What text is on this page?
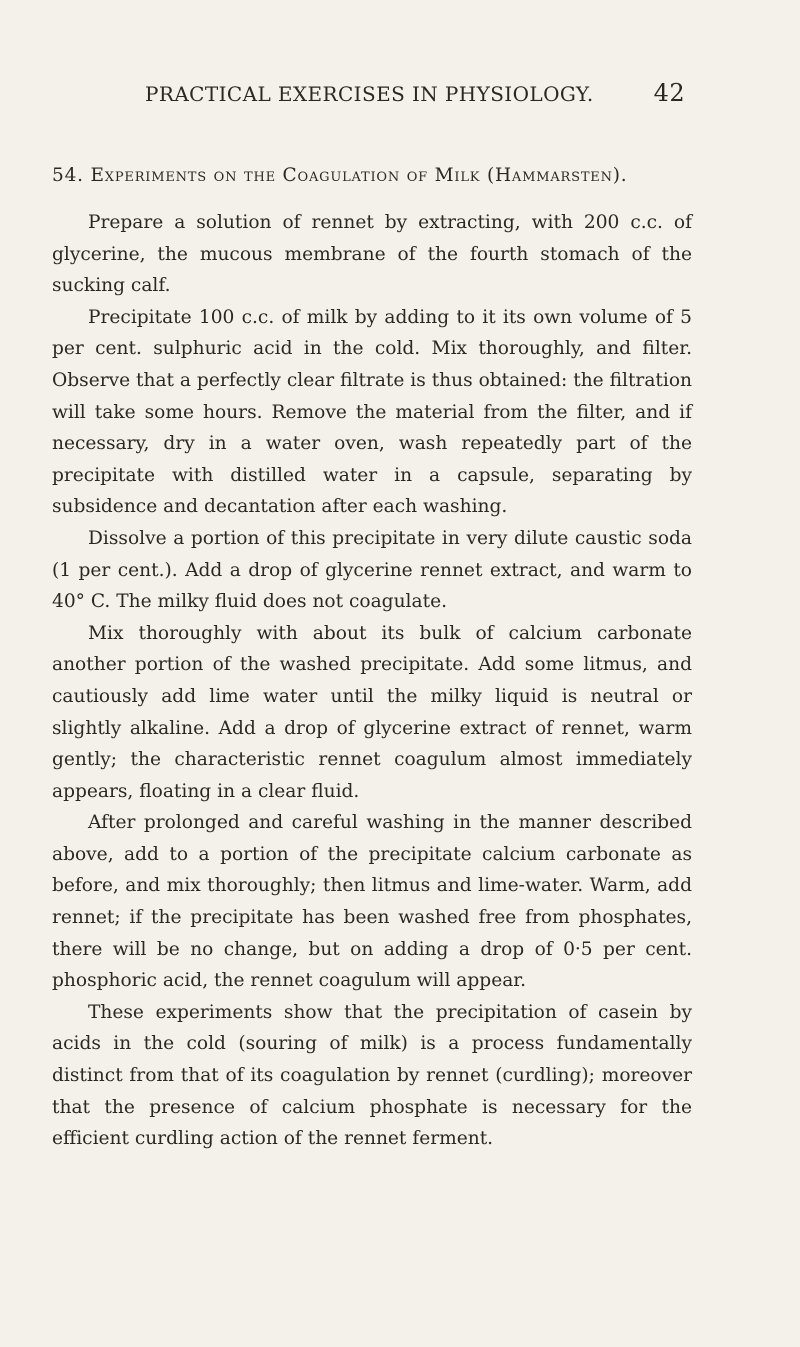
PRACTICAL EXERCISES IN PHYSIOLOGY. 42
54. Experiments on the Coagulation of Milk (Hammarsten).

Prepare a solution of rennet by extracting, with 200 c.c. of glycerine, the mucous membrane of the fourth stomach of the sucking calf.

Precipitate 100 c.c. of milk by adding to it its own volume of 5 per cent. sulphuric acid in the cold. Mix thoroughly, and filter. Observe that a perfectly clear filtrate is thus obtained: the filtration will take some hours. Remove the material from the filter, and if necessary, dry in a water oven, wash repeatedly part of the precipitate with distilled water in a capsule, separating by subsidence and decantation after each washing.

Dissolve a portion of this precipitate in very dilute caustic soda (1 per cent.). Add a drop of glycerine rennet extract, and warm to 40° C. The milky fluid does not coagulate.

Mix thoroughly with about its bulk of calcium carbonate another portion of the washed precipitate. Add some litmus, and cautiously add lime water until the milky liquid is neutral or slightly alkaline. Add a drop of glycerine extract of rennet, warm gently; the characteristic rennet coagulum almost immediately appears, floating in a clear fluid.

After prolonged and careful washing in the manner described above, add to a portion of the precipitate calcium carbonate as before, and mix thoroughly; then litmus and lime-water. Warm, add rennet; if the precipitate has been washed free from phosphates, there will be no change, but on adding a drop of 0·5 per cent. phosphoric acid, the rennet coagulum will appear.

These experiments show that the precipitation of casein by acids in the cold (souring of milk) is a process fundamentally distinct from that of its coagulation by rennet (curdling); moreover that the presence of calcium phosphate is necessary for the efficient curdling action of the rennet ferment.
